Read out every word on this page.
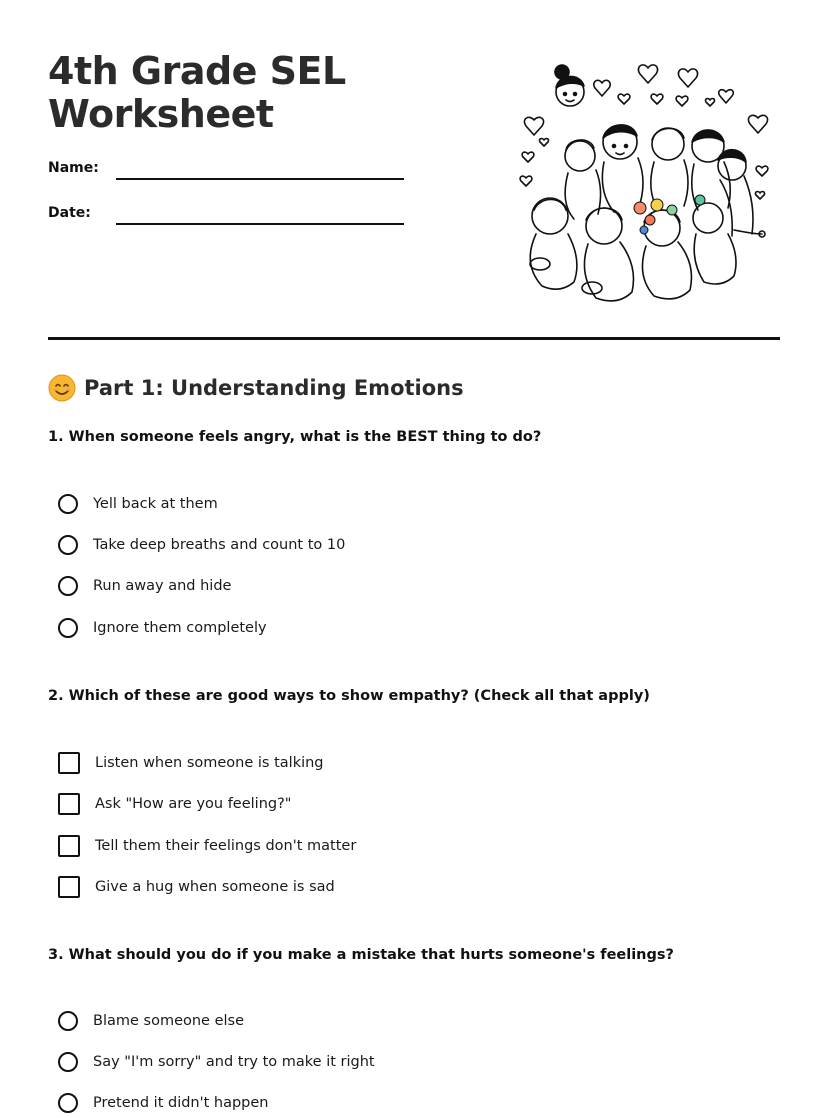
4th Grade SEL
Worksheet
Name:
Date:
Part 1: Understanding Emotions

1. When someone feels angry, what is the BEST thing to do?

Yell back at them
Take deep breaths and count to 10
Run away and hide
Ignore them completely

2. Which of these are good ways to show empathy? (Check all that apply)

Listen when someone is talking
Ask "How are you feeling?"
Tell them their feelings don't matter
Give a hug when someone is sad

3. What should you do if you make a mistake that hurts someone's feelings?

Blame someone else
Say "I'm sorry" and try to make it right
Pretend it didn't happen
